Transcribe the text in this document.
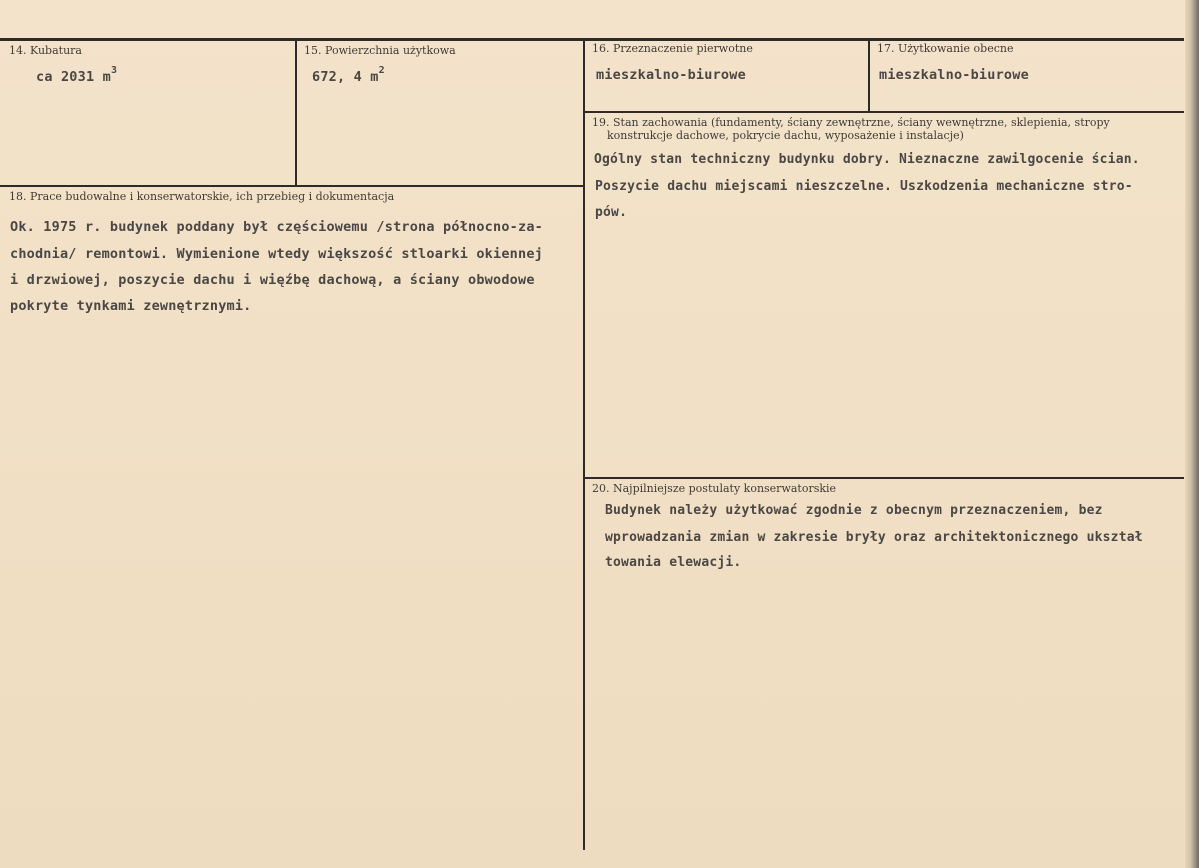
14. Kubatura
ca 2031 $m^3$
15. Powierzchnia użytkowa
672, 4 $m^2$
16. Przeznaczenie pierwotne
mieszkalno-biurowe
17. Użytkowanie obecne
mieszkalno-biurowe
18. Prace budowalne i konserwatorskie, ich przebieg i dokumentacja
Ok. 1975 r. budynek poddany był częściowemu /strona północno-za-
chodnia/ remontowi. Wymienione wtedy większość stloarki okiennej
i drzwiowej, poszycie dachu i więźbę dachową, a ściany obwodowe
pokryte tynkami zewnętrznymi.
19. Stan zachowania (fundamenty, ściany zewnętrzne, ściany wewnętrzne, sklepienia, stropy
konstrukcje dachowe, pokrycie dachu, wyposażenie i instalacje)
Ogólny stan techniczny budynku dobry. Nieznaczne zawilgocenie ścian.
Poszycie dachu miejscami nieszczelne. Uszkodzenia mechaniczne stro-
pów.
20. Najpilniejsze postulaty konserwatorskie
Budynek należy użytkować zgodnie z obecnym przeznaczeniem, bez
wprowadzania zmian w zakresie bryły oraz architektonicznego ukształ
towania elewacji.
